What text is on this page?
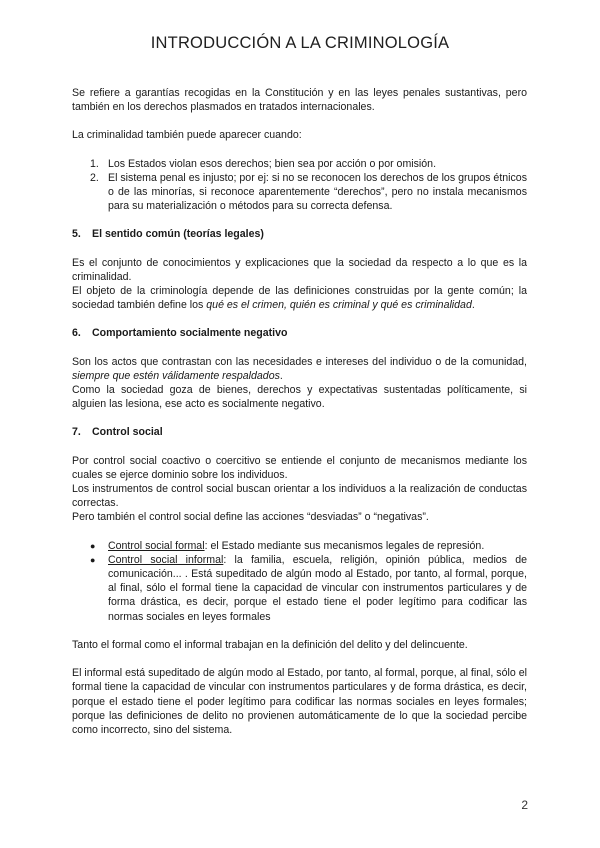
INTRODUCCIÓN A LA CRIMINOLOGÍA

Se refiere a garantías recogidas en la Constitución y en las leyes penales sustantivas, pero también en los derechos plasmados en tratados internacionales.

La criminalidad también puede aparecer cuando:

1. Los Estados violan esos derechos; bien sea por acción o por omisión.
2. El sistema penal es injusto; por ej: si no se reconocen los derechos de los grupos étnicos o de las minorías, si reconoce aparentemente “derechos”, pero no instala mecanismos para su materialización o métodos para su correcta defensa.
5.	El sentido común (teorías legales)

Es el conjunto de conocimientos y explicaciones que la sociedad da respecto a lo que es la criminalidad.

El objeto de la criminología depende de las definiciones construidas por la gente común; la sociedad también define los qué es el crimen, quién es criminal y qué es criminalidad.

6.	Comportamiento socialmente negativo

Son los actos que contrastan con las necesidades e intereses del individuo o de la comunidad, siempre que estén válidamente respaldados.

Como la sociedad goza de bienes, derechos y expectativas sustentadas políticamente, si alguien las lesiona, ese acto es socialmente negativo.

7.	Control social

Por control social coactivo o coercitivo se entiende el conjunto de mecanismos mediante los cuales se ejerce dominio sobre los individuos.

Los instrumentos de control social buscan orientar a los individuos a la realización de conductas correctas.

Pero también el control social define las acciones “desviadas” o “negativas”.

●	Control social formal: el Estado mediante sus mecanismos legales de represión.
●	Control social informal: la familia, escuela, religión, opinión pública, medios de comunicación... . Está supeditado de algún modo al Estado, por tanto, al formal, porque, al final, sólo el formal tiene la capacidad de vincular con instrumentos particulares y de forma drástica, es decir, porque el estado tiene el poder legítimo para codificar las normas sociales en leyes formales

Tanto el formal como el informal trabajan en la definición del delito y del delincuente.

El informal está supeditado de algún modo al Estado, por tanto, al formal, porque, al final, sólo el formal tiene la capacidad de vincular con instrumentos particulares y de forma drástica, es decir, porque el estado tiene el poder legítimo para codificar las normas sociales en leyes formales; porque las definiciones de delito no provienen automáticamente de lo que la sociedad percibe como incorrecto, sino del sistema.

2
